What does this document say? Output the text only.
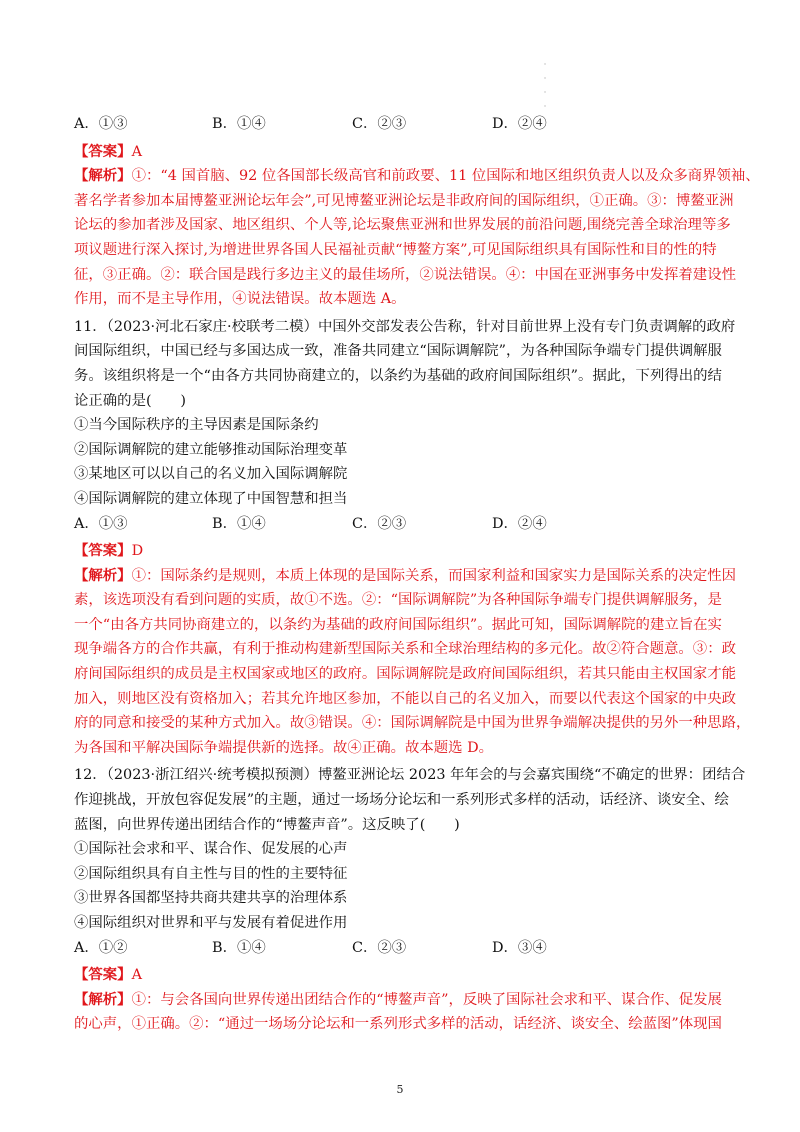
·
·
·
·
A．①③	B．①④	C．②③	D．②④
【答案】A
【解析】①：“4 国首脑、92 位各国部长级高官和前政要、11 位国际和地区组织负责人以及众多商界领袖、
著名学者参加本届博鳌亚洲论坛年会”,可见博鳌亚洲论坛是非政府间的国际组织，①正确。③：博鳌亚洲
论坛的参加者涉及国家、地区组织、个人等,论坛聚焦亚洲和世界发展的前沿问题,围绕完善全球治理等多
项议题进行深入探讨,为增进世界各国人民福祉贡献“博鳌方案”,可见国际组织具有国际性和目的性的特
征，③正确。②：联合国是践行多边主义的最佳场所，②说法错误。④：中国在亚洲事务中发挥着建设性
作用，而不是主导作用，④说法错误。故本题选 A。
11．（2023·河北石家庄·校联考二模）中国外交部发表公告称，针对目前世界上没有专门负责调解的政府
间国际组织，中国已经与多国达成一致，准备共同建立“国际调解院”，为各种国际争端专门提供调解服
务。该组织将是一个“由各方共同协商建立的，以条约为基础的政府间国际组织”。据此，下列得出的结
论正确的是(　　)
①当今国际秩序的主导因素是国际条约
②国际调解院的建立能够推动国际治理变革
③某地区可以以自己的名义加入国际调解院
④国际调解院的建立体现了中国智慧和担当
A．①③	B．①④	C．②③	D．②④
【答案】D
【解析】①：国际条约是规则，本质上体现的是国际关系，而国家利益和国家实力是国际关系的决定性因
素，该选项没有看到问题的实质，故①不选。②：“国际调解院”为各种国际争端专门提供调解服务，是
一个“由各方共同协商建立的，以条约为基础的政府间国际组织”。据此可知，国际调解院的建立旨在实
现争端各方的合作共赢，有利于推动构建新型国际关系和全球治理结构的多元化。故②符合题意。③：政
府间国际组织的成员是主权国家或地区的政府。国际调解院是政府间国际组织，若其只能由主权国家才能
加入，则地区没有资格加入；若其允许地区参加，不能以自己的名义加入，而要以代表这个国家的中央政
府的同意和接受的某种方式加入。故③错误。④：国际调解院是中国为世界争端解决提供的另外一种思路，
为各国和平解决国际争端提供新的选择。故④正确。故本题选 D。
12．（2023·浙江绍兴·统考模拟预测）博鳌亚洲论坛 2023 年年会的与会嘉宾围绕“不确定的世界：团结合
作迎挑战，开放包容促发展”的主题，通过一场场分论坛和一系列形式多样的活动，话经济、谈安全、绘
蓝图，向世界传递出团结合作的“博鳌声音”。这反映了(　　)
①国际社会求和平、谋合作、促发展的心声
②国际组织具有自主性与目的性的主要特征
③世界各国都坚持共商共建共享的治理体系
④国际组织对世界和平与发展有着促进作用
A．①②	B．①④	C．②③	D．③④
【答案】A
【解析】①：与会各国向世界传递出团结合作的“博鳌声音”，反映了国际社会求和平、谋合作、促发展
的心声，①正确。②：“通过一场场分论坛和一系列形式多样的活动，话经济、谈安全、绘蓝图”体现国
5
